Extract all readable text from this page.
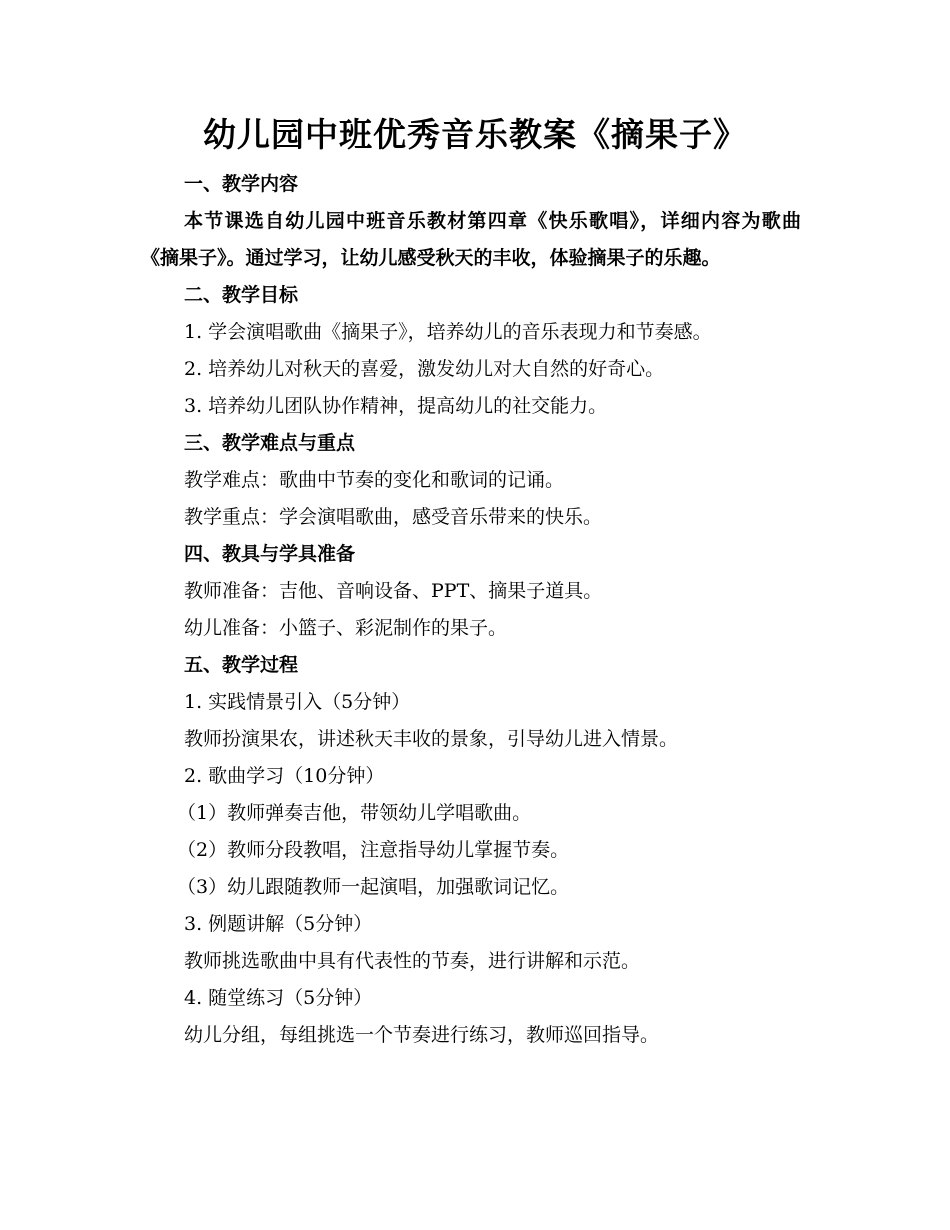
幼儿园中班优秀音乐教案《摘果子》
一、教学内容
本节课选自幼儿园中班音乐教材第四章《快乐歌唱》，详细内容为歌曲《摘果子》。通过学习，让幼儿感受秋天的丰收，体验摘果子的乐趣。
二、教学目标
1. 学会演唱歌曲《摘果子》，培养幼儿的音乐表现力和节奏感。
2. 培养幼儿对秋天的喜爱，激发幼儿对大自然的好奇心。
3. 培养幼儿团队协作精神，提高幼儿的社交能力。
三、教学难点与重点
教学难点：歌曲中节奏的变化和歌词的记诵。
教学重点：学会演唱歌曲，感受音乐带来的快乐。
四、教具与学具准备
教师准备：吉他、音响设备、PPT、摘果子道具。
幼儿准备：小篮子、彩泥制作的果子。
五、教学过程
1. 实践情景引入（5分钟）
教师扮演果农，讲述秋天丰收的景象，引导幼儿进入情景。
2. 歌曲学习（10分钟）
（1）教师弹奏吉他，带领幼儿学唱歌曲。
（2）教师分段教唱，注意指导幼儿掌握节奏。
（3）幼儿跟随教师一起演唱，加强歌词记忆。
3. 例题讲解（5分钟）
教师挑选歌曲中具有代表性的节奏，进行讲解和示范。
4. 随堂练习（5分钟）
幼儿分组，每组挑选一个节奏进行练习，教师巡回指导。
